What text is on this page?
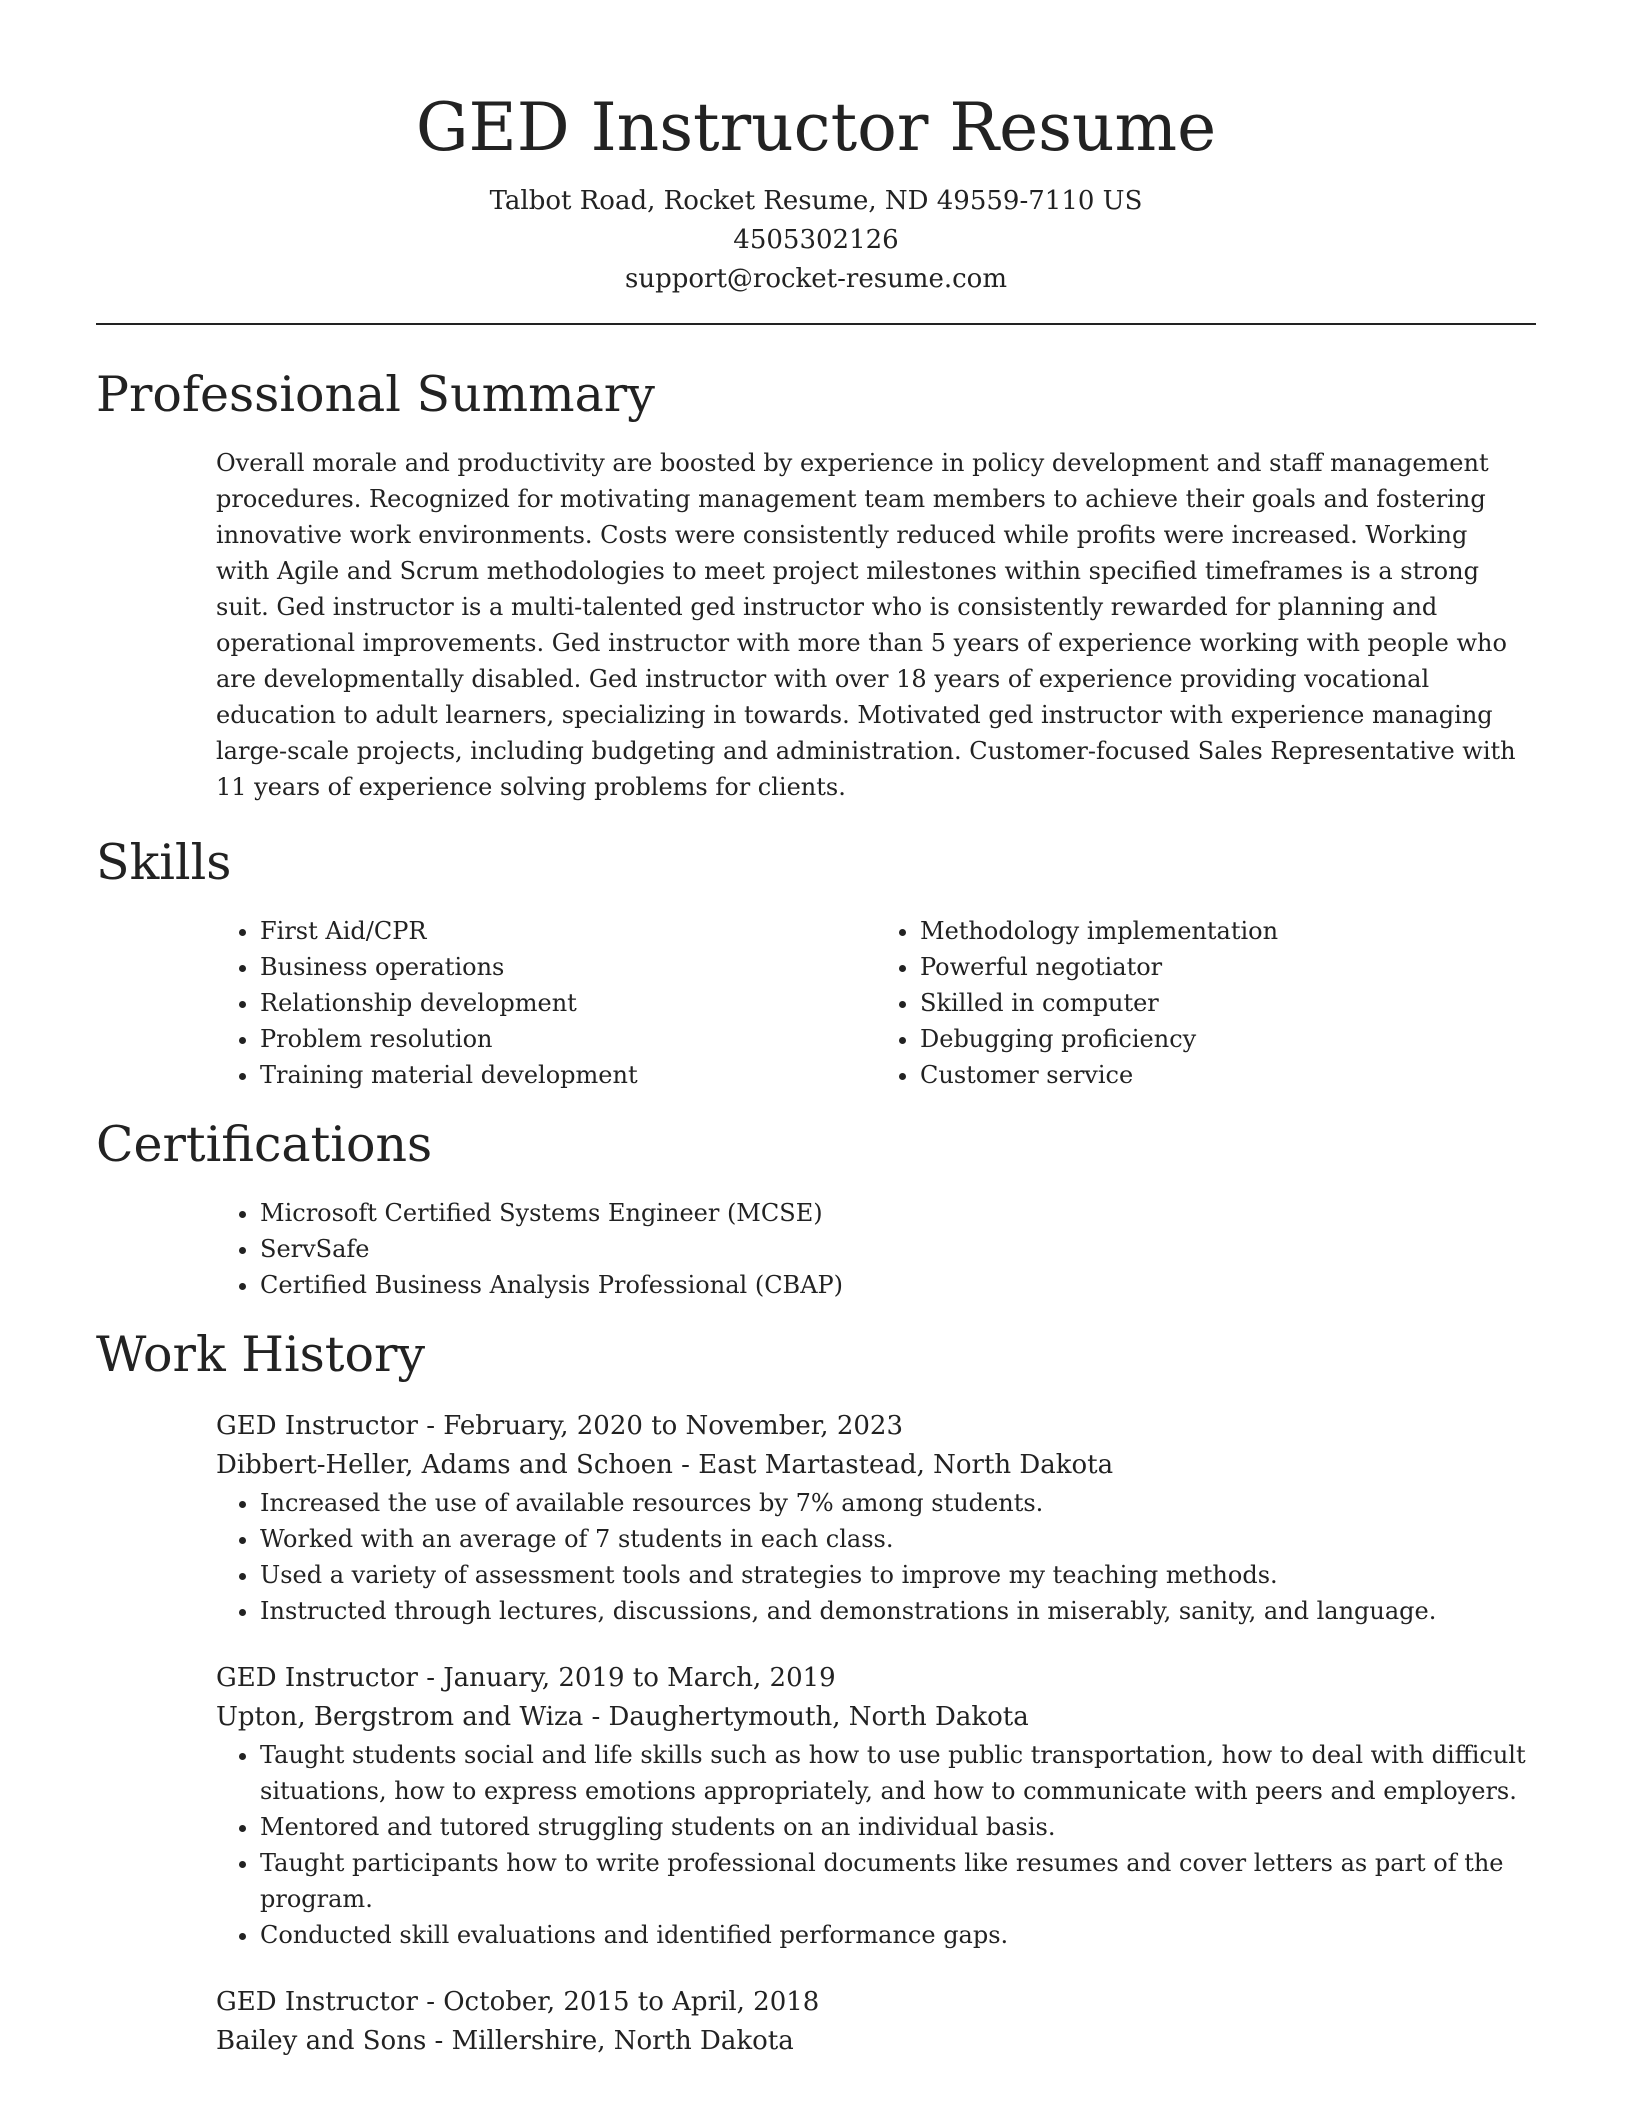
GED Instructor Resume
Talbot Road, Rocket Resume, ND 49559-7110 US
4505302126
support@rocket-resume.com
Professional Summary

Overall morale and productivity are boosted by experience in policy development and staff management procedures. Recognized for motivating management team members to achieve their goals and fostering innovative work environments. Costs were consistently reduced while profits were increased. Working with Agile and Scrum methodologies to meet project milestones within specified timeframes is a strong suit. Ged instructor is a multi-talented ged instructor who is consistently rewarded for planning and operational improvements. Ged instructor with more than 5 years of experience working with people who are developmentally disabled. Ged instructor with over 18 years of experience providing vocational education to adult learners, specializing in towards. Motivated ged instructor with experience managing large-scale projects, including budgeting and administration. Customer-focused Sales Representative with 11 years of experience solving problems for clients.

Skills
• First Aid/CPR
• Business operations
• Relationship development
• Problem resolution
• Training material development
• Methodology implementation
• Powerful negotiator
• Skilled in computer
• Debugging proficiency
• Customer service
Certifications
• Microsoft Certified Systems Engineer (MCSE)
• ServSafe
• Certified Business Analysis Professional (CBAP)
Work History
GED Instructor - February, 2020 to November, 2023
Dibbert-Heller, Adams and Schoen - East Martastead, North Dakota
• Increased the use of available resources by 7% among students.
• Worked with an average of 7 students in each class.
• Used a variety of assessment tools and strategies to improve my teaching methods.
• Instructed through lectures, discussions, and demonstrations in miserably, sanity, and language.
GED Instructor - January, 2019 to March, 2019
Upton, Bergstrom and Wiza - Daughertymouth, North Dakota
• Taught students social and life skills such as how to use public transportation, how to deal with difficult situations, how to express emotions appropriately, and how to communicate with peers and employers.
• Mentored and tutored struggling students on an individual basis.
• Taught participants how to write professional documents like resumes and cover letters as part of the program.
• Conducted skill evaluations and identified performance gaps.
GED Instructor - October, 2015 to April, 2018
Bailey and Sons - Millershire, North Dakota
